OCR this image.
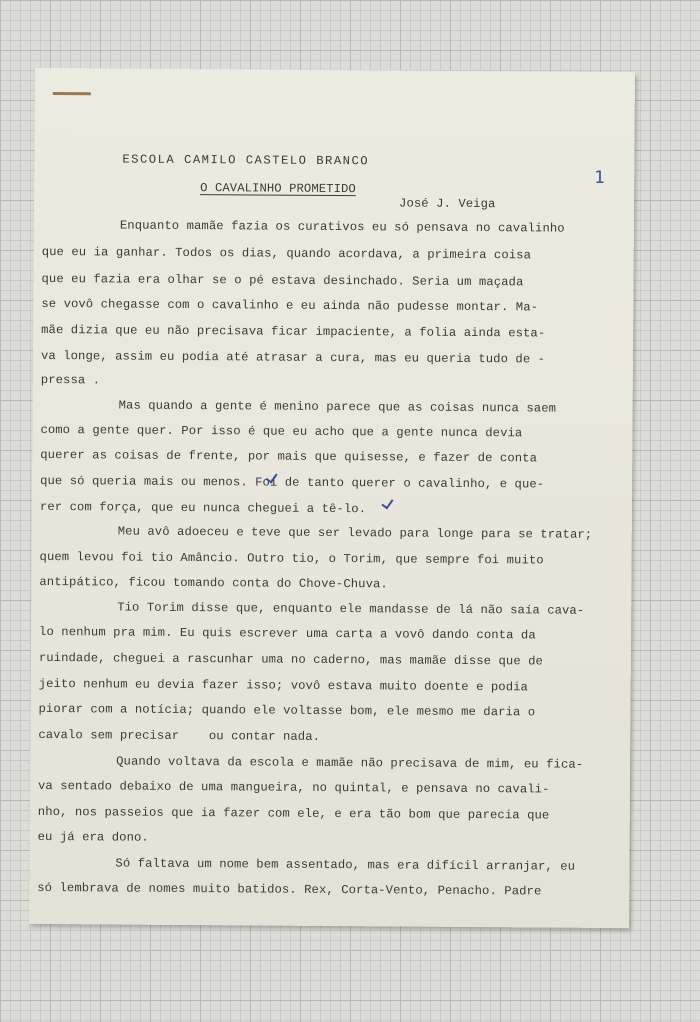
ESCOLA CAMILO CASTELO BRANCO
O CAVALINHO PROMETIDO
José J. Veiga
1
Enquanto mamãe fazia os curativos eu só pensava no cavalinho
que eu ia ganhar. Todos os dias, quando acordava, a primeira coisa
que eu fazia era olhar se o pé estava desinchado. Seria um maçada
se vovô chegasse com o cavalinho e eu ainda não pudesse montar. Ma-
mãe dizia que eu não precisava ficar impaciente, a folia ainda esta-
va longe, assim eu podia até atrasar a cura, mas eu queria tudo de -
pressa .
Mas quando a gente é menino parece que as coisas nunca saem
como a gente quer. Por isso é que eu acho que a gente nunca devia
querer as coisas de frente, por mais que quisesse, e fazer de conta
que só queria mais ou menos. Foi de tanto querer o cavalinho, e que-
rer com força, que eu nunca cheguei a tê-lo.
Meu avô adoeceu e teve que ser levado para longe para se tratar;
quem levou foi tio Amâncio. Outro tio, o Torim, que sempre foi muito
antipático, ficou tomando conta do Chove-Chuva.
Tio Torim disse que, enquanto ele mandasse de lá não saía cava-
lo nenhum pra mim. Eu quis escrever uma carta a vovô dando conta da
ruindade, cheguei a rascunhar uma no caderno, mas mamãe disse que de
jeito nenhum eu devia fazer isso; vovô estava muito doente e podia
piorar com a notícia; quando ele voltasse bom, ele mesmo me daria o
cavalo sem precisar    ou contar nada.
Quando voltava da escola e mamãe não precisava de mim, eu fica-
va sentado debaixo de uma mangueira, no quintal, e pensava no cavali-
nho, nos passeios que ia fazer com ele, e era tão bom que parecia que
eu já era dono.
Só faltava um nome bem assentado, mas era difícil arranjar, eu
só lembrava de nomes muito batidos. Rex, Corta-Vento, Penacho. Padre
